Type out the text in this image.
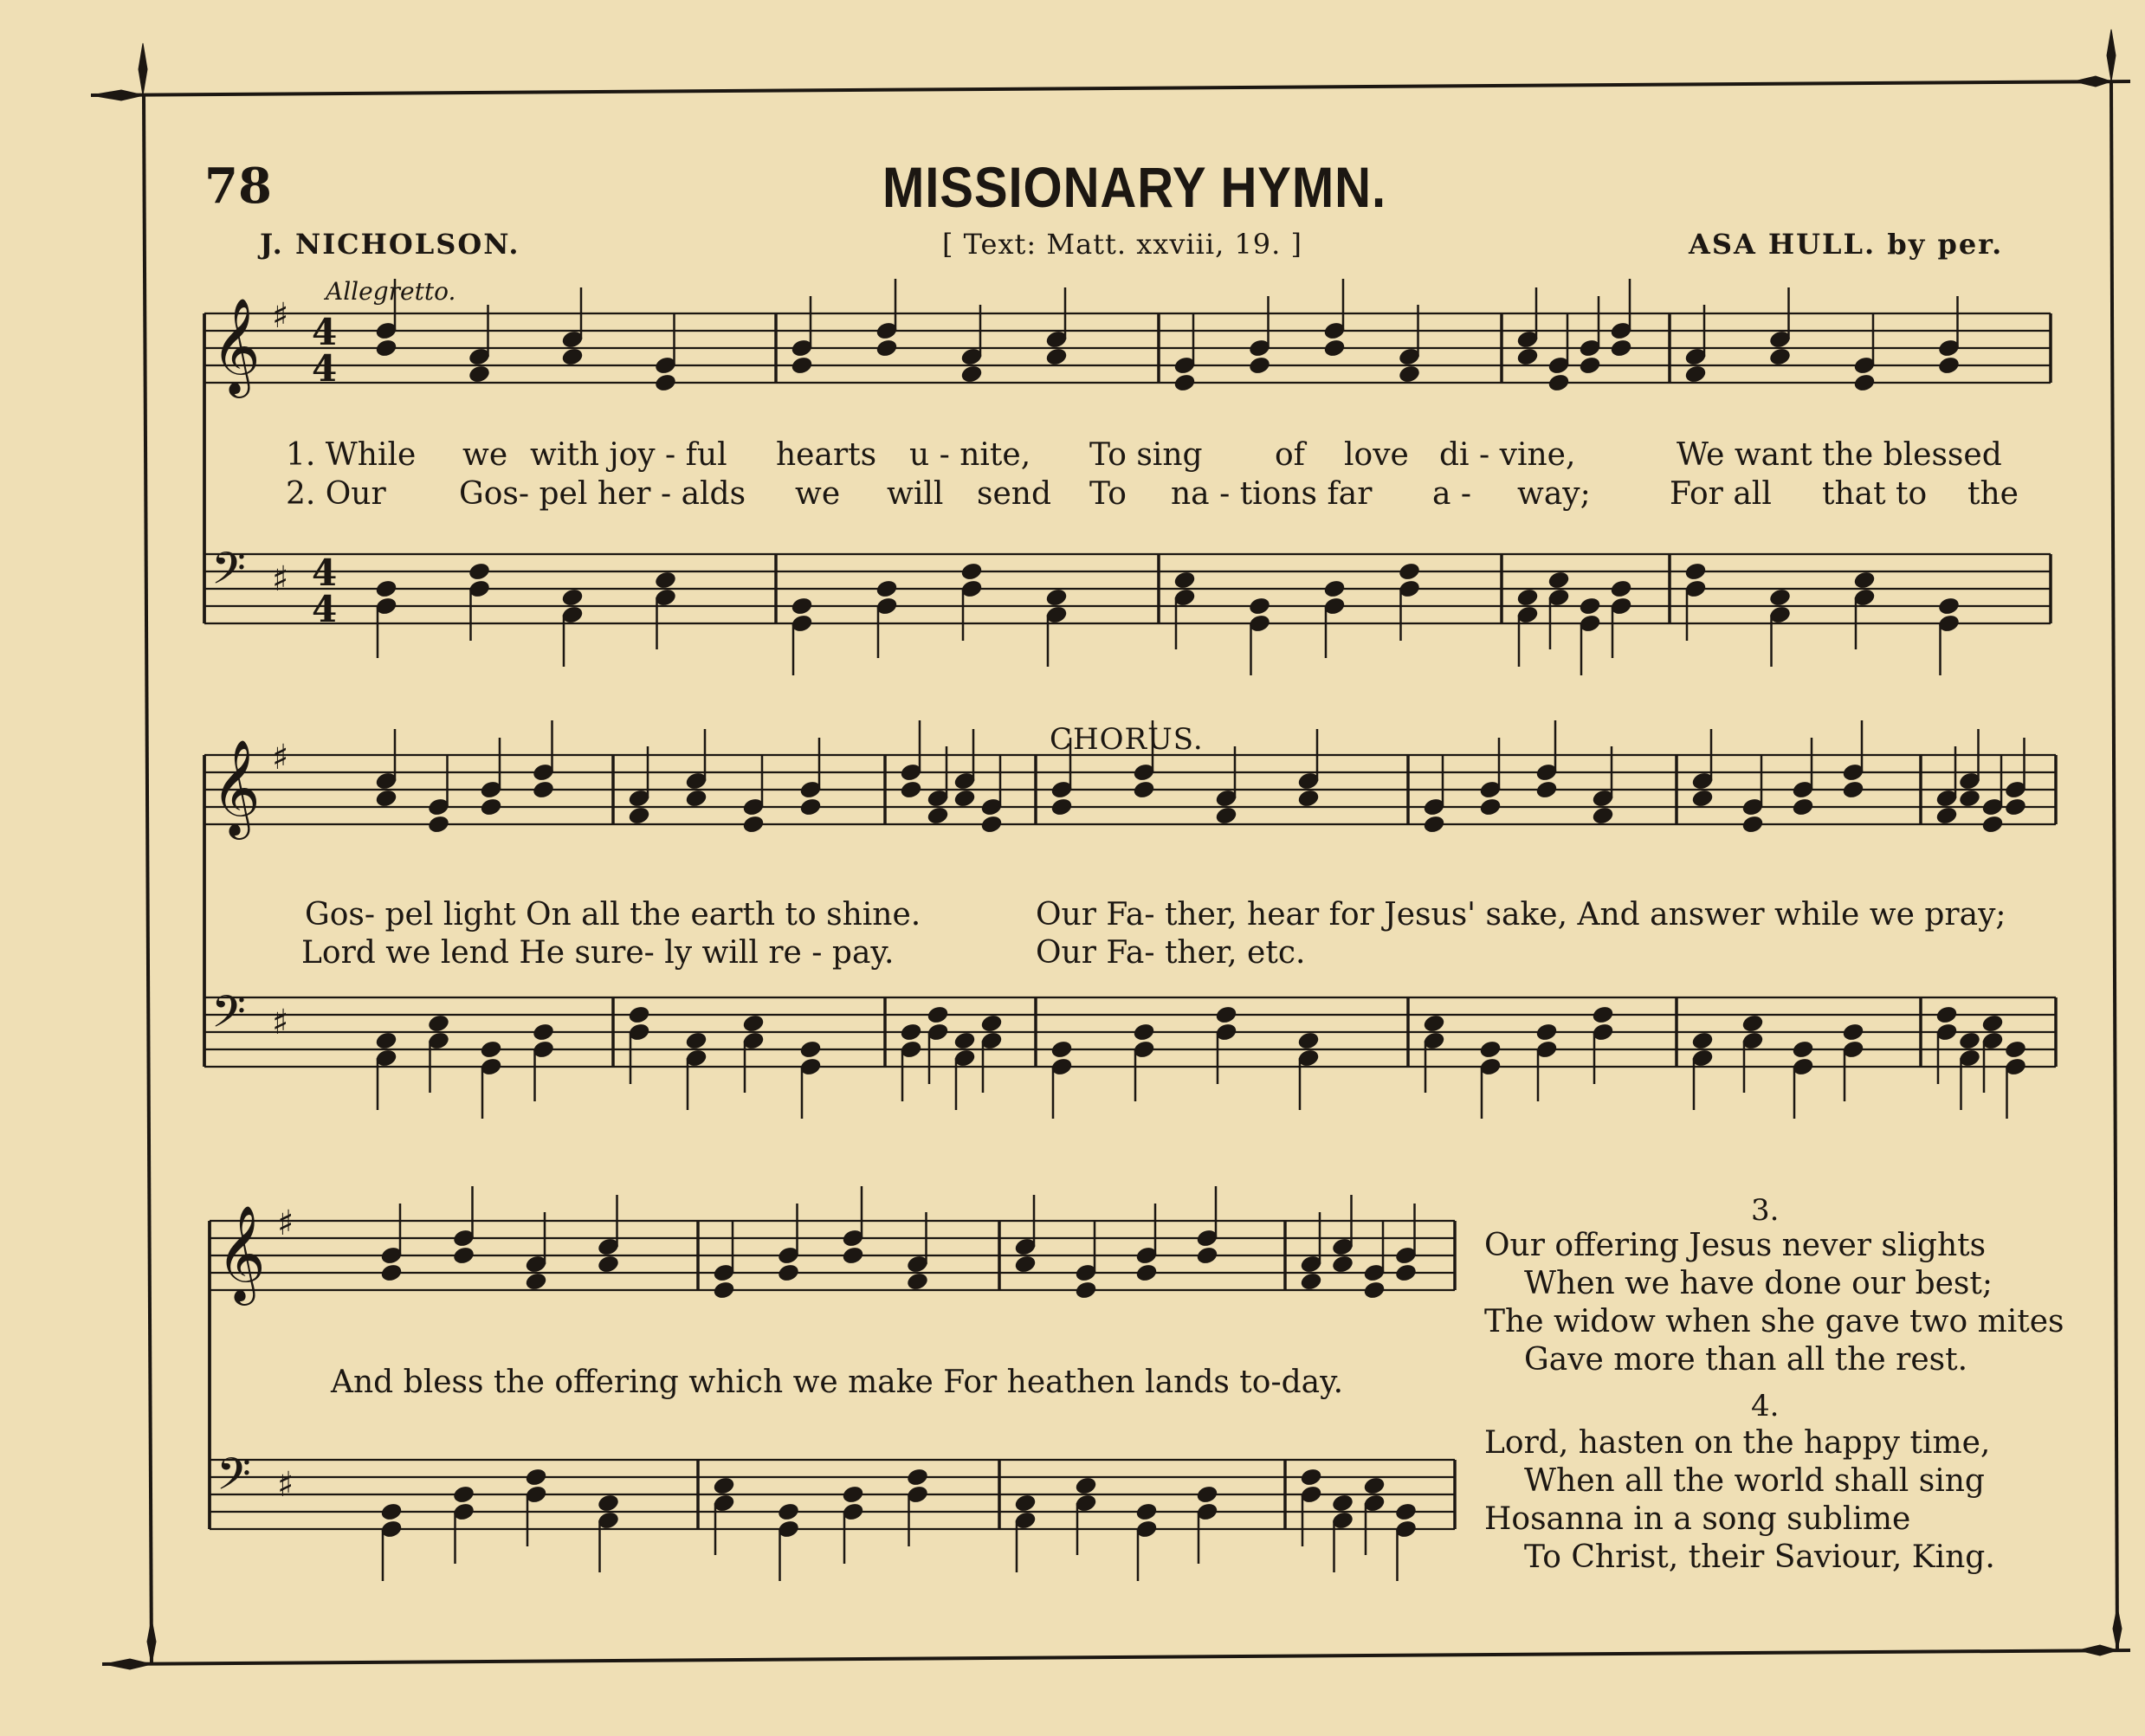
𝄞 ♯ 4
4
𝄢 ♯ 4
4
𝄞 ♯
𝄢 ♯
𝄞 ♯
𝄢 ♯
78	MISSIONARY HYMN.
J. NICHOLSON.	[ Text: Matt. xxviii, 19. ]	ASA HULL. by per.
Allegretto.
CHORUS.
1. While we with joy - ful hearts u - nite, To sing of love di - vine,	We want the blessed
2. Our Gos- pel her - alds we will send To na - tions far a - way;	For all that to the
Gos- pel light On all the earth to shine.
Lord we lend He sure- ly will re - pay.
Our Fa- ther, hear for Jesus' sake, And answer while we pray;
Our Fa- ther, etc.
And bless the offering which we make For heathen lands to-day.
3.
Our offering Jesus never slights
When we have done our best;
The widow when she gave two mites
Gave more than all the rest.
4.
Lord, hasten on the happy time,
When all the world shall sing
Hosanna in a song sublime
To Christ, their Saviour, King.
